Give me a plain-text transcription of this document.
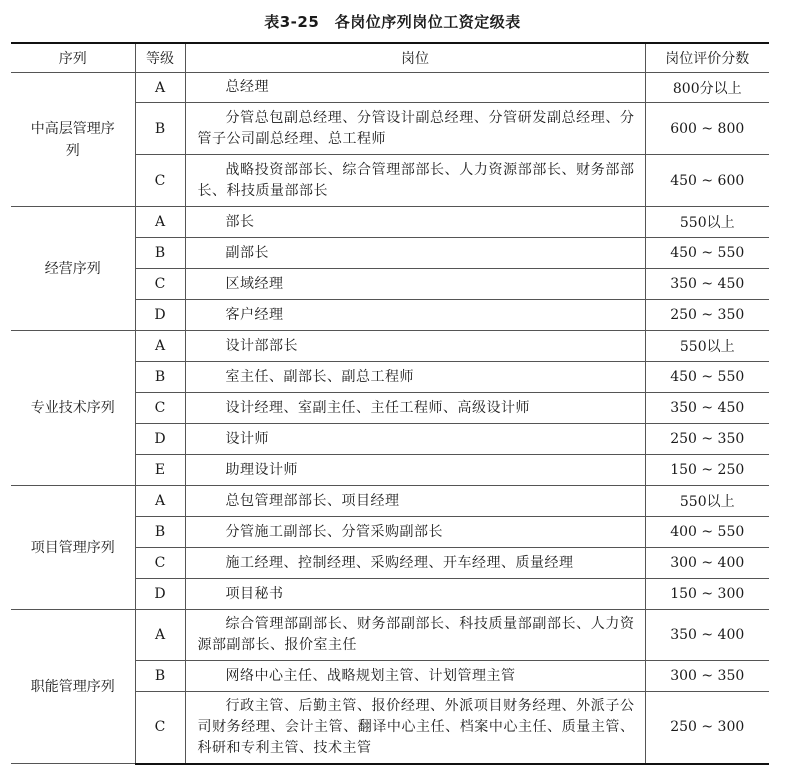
表3-25　各岗位序列岗位工资定级表
序列	等级	岗位	岗位评价分数
中高层管理序列	A	总经理	800分以上
	B	分管总包副总经理、分管设计副总经理、分管研发副总经理、分管子公司副总经理、总工程师	600 ~ 800
	C	战略投资部部长、综合管理部部长、人力资源部部长、财务部部长、科技质量部部长	450 ~ 600
经营序列	A	部长	550以上
	B	副部长	450 ~ 550
	C	区域经理	350 ~ 450
	D	客户经理	250 ~ 350
专业技术序列	A	设计部部长	550以上
	B	室主任、副部长、副总工程师	450 ~ 550
	C	设计经理、室副主任、主任工程师、高级设计师	350 ~ 450
	D	设计师	250 ~ 350
	E	助理设计师	150 ~ 250
项目管理序列	A	总包管理部部长、项目经理	550以上
	B	分管施工副部长、分管采购副部长	400 ~ 550
	C	施工经理、控制经理、采购经理、开车经理、质量经理	300 ~ 400
	D	项目秘书	150 ~ 300
职能管理序列	A	综合管理部副部长、财务部副部长、科技质量部副部长、人力资源部副部长、报价室主任	350 ~ 400
	B	网络中心主任、战略规划主管、计划管理主管	300 ~ 350
	C	行政主管、后勤主管、报价经理、外派项目财务经理、外派子公司财务经理、会计主管、翻译中心主任、档案中心主任、质量主管、科研和专利主管、技术主管	250 ~ 300
